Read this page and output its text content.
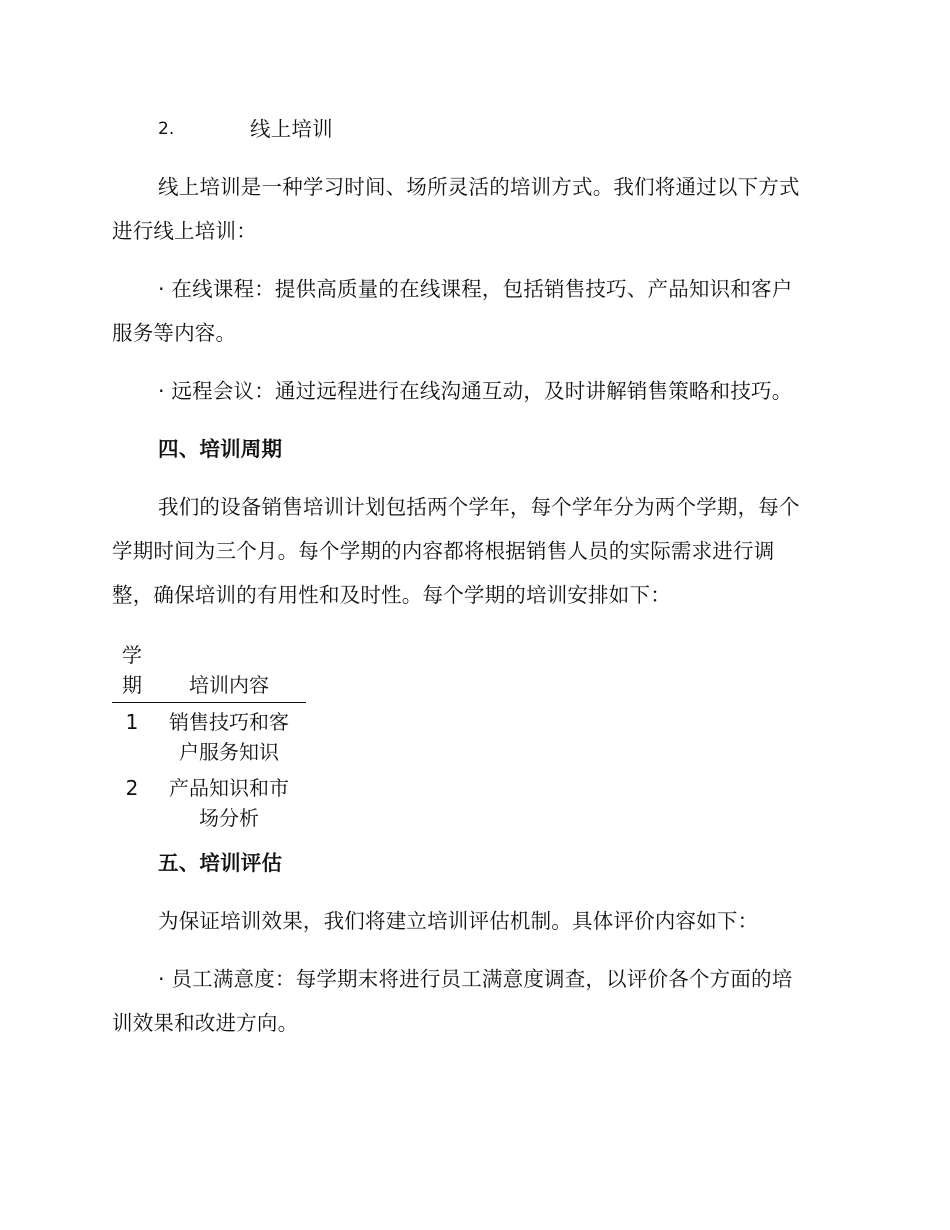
2.	线上培训
线上培训是一种学习时间、场所灵活的培训方式。我们将通过以下方式
进行线上培训：
· 在线课程：提供高质量的在线课程，包括销售技巧、产品知识和客户
服务等内容。
· 远程会议：通过远程进行在线沟通互动，及时讲解销售策略和技巧。
四、培训周期
我们的设备销售培训计划包括两个学年，每个学年分为两个学期，每个
学期时间为三个月。每个学期的内容都将根据销售人员的实际需求进行调
整，确保培训的有用性和及时性。每个学期的培训安排如下：
学
期	培训内容
1	销售技巧和客户服务知识
2	产品知识和市场分析
五、培训评估
为保证培训效果，我们将建立培训评估机制。具体评价内容如下：
· 员工满意度：每学期末将进行员工满意度调查，以评价各个方面的培
训效果和改进方向。
